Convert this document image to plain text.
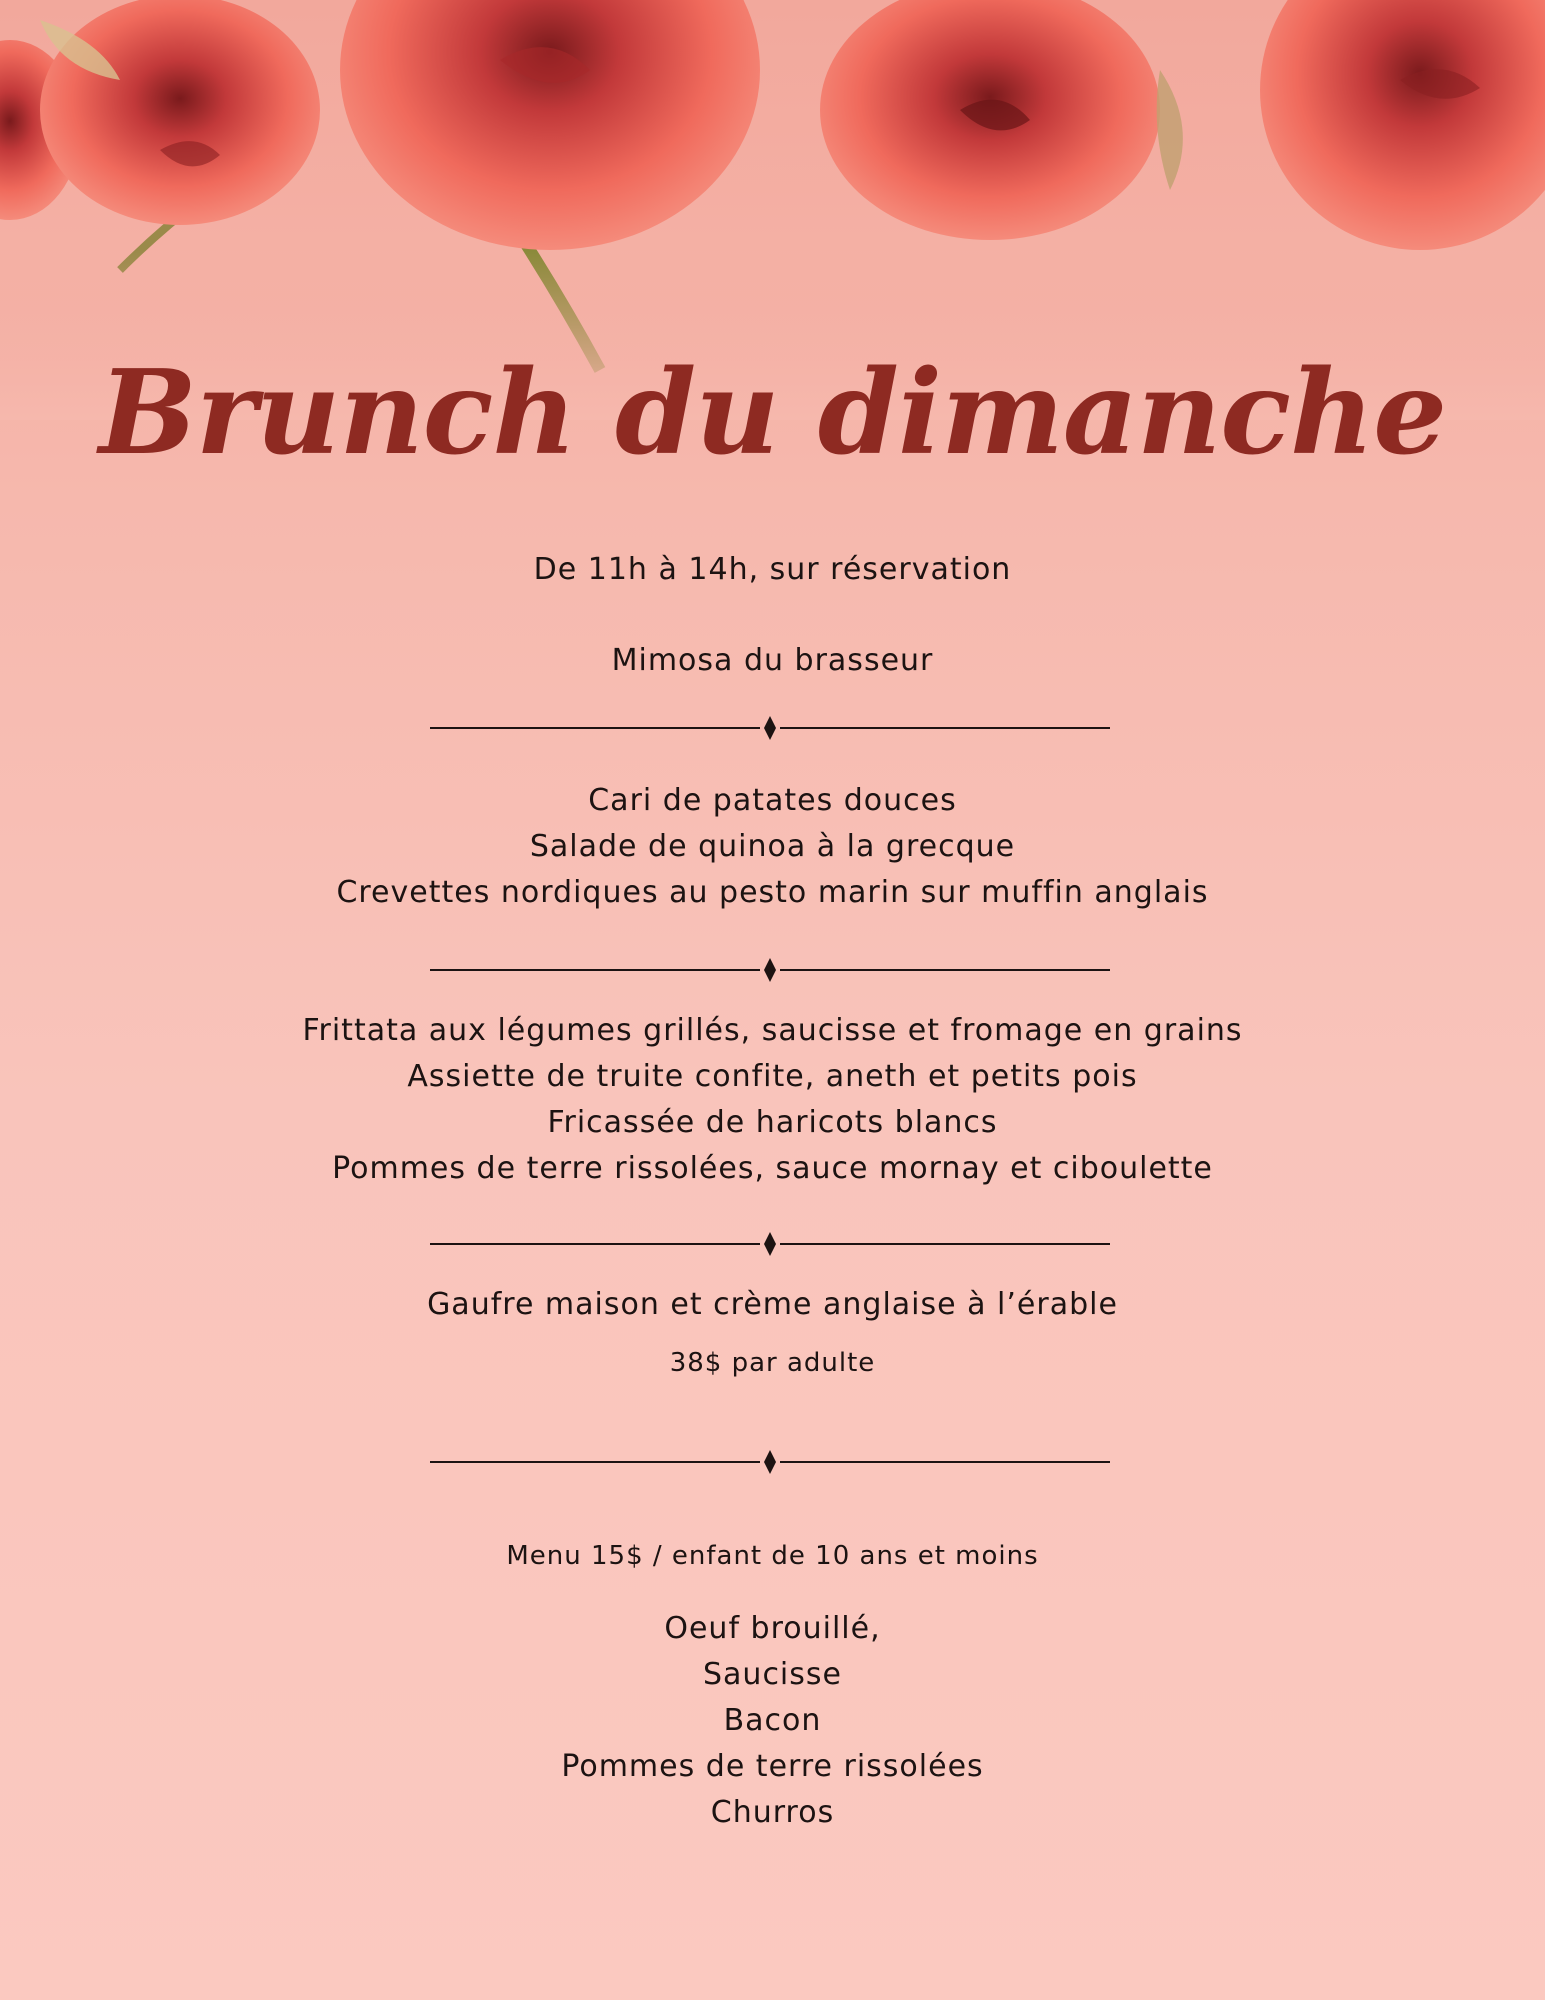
Brunch du dimanche
De 11h à 14h, sur réservation
Mimosa du brasseur
Cari de patates douces
Salade de quinoa à la grecque
Crevettes nordiques au pesto marin sur muffin anglais
Frittata aux légumes grillés, saucisse et fromage en grains
Assiette de truite confite, aneth et petits pois
Fricassée de haricots blancs
Pommes de terre rissolées, sauce mornay et ciboulette
Gaufre maison et crème anglaise à l’érable
38$ par adulte
Menu 15$ / enfant de 10 ans et moins
Oeuf brouillé,
Saucisse
Bacon
Pommes de terre rissolées
Churros
